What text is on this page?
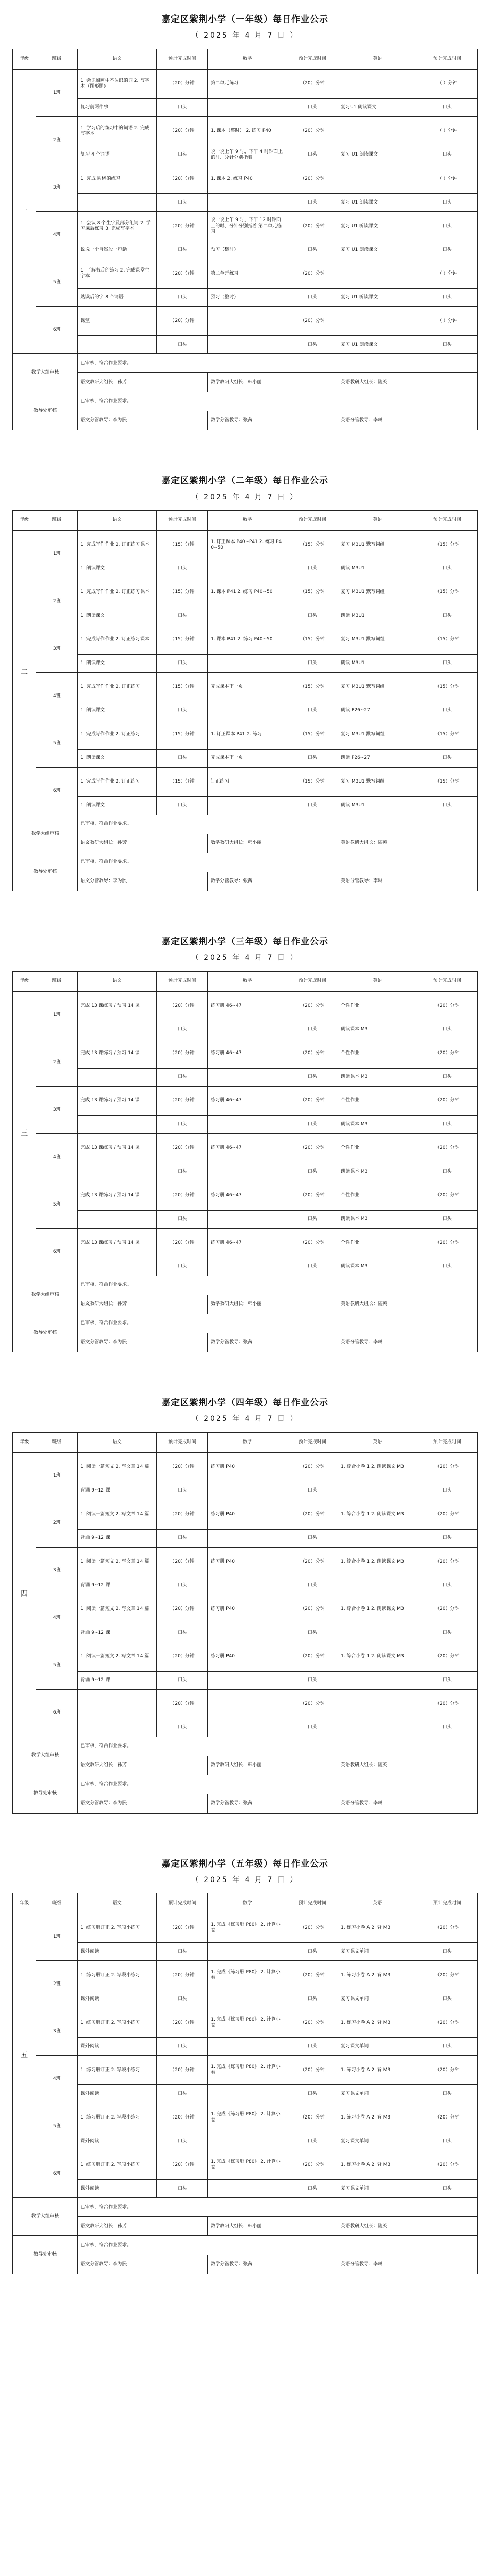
嘉定区紫荆小学（一年级）每日作业公示
（ 2025 年 4 月 7 日 ）
年级	班级	语文	预计完成时间	数学	预计完成时间	英语	预计完成时间
一	1班	1. 会识圈画中不认识的词 2. 写字本（图形题）	（20）分钟	第二单元练习	（20）分钟		（ ）分钟
		复习前两件事	口头		口头	复习U1 朗读课文	口头
	2班	1. 学习后的练习中的词语 2. 完成写字本	（20）分钟	1. 课本（整时） 2. 练习 P40	（20）分钟		（ ）分钟
		复习 4 个词语	口头	说一说上午 9 时，下午 4 时钟面上的时、分针分别指着	口头	复习 U1 朗读课文	口头
	3班	1. 完成 圆格的练习	（20）分钟	1. 课本 2. 练习 P40	（20）分钟		（ ）分钟
			口头		口头	复习 U1 朗读课文	口头
	4班	1. 会认 8 个生字及部分组词 2. 学习课后练习 3. 完成写字本	（20）分钟	说一说上午 9 时，下午 12 时钟面上的时、分针分别指着 第二单元练习	（20）分钟	复习 U1 听读课文	口头
		说说一个自然段一句话	口头	预习（整时）	口头	复习 U1 朗读课文	口头
	5班	1. 了解书后的练习 2. 完成课堂生字本	（20）分钟	第二单元练习	（20）分钟		（ ）分钟
		熟读后的字 8 个词语	口头	预习（整时）	口头	复习 U1 听读课文	口头
	6班	课堂	（20）分钟		（20）分钟		（ ）分钟
			口头		口头	复习 U1 朗读课文	口头
教学大组审核		已审核，符合作业要求。					
		语文教研大组长：孙芳		数学教研大组长：韩小丽		英语教研大组长：陆英	
教导处审核		已审核，符合作业要求。					
		语文分管教导：李为民		数学分管教导：张茜		英语分管教导：李琳	
嘉定区紫荆小学（二年级）每日作业公示
（ 2025 年 4 月 7 日 ）
年级	班级	语文	预计完成时间	数学	预计完成时间	英语	预计完成时间
二	1班	1. 完成写作作业 2. 订正练习课本	（15）分钟	1. 订正课本 P40~P41 2. 练习 P40~50	（15）分钟	复习 M3U1 默写词组	（15）分钟
		1. 朗读课文	口头		口头	朗读 M3U1	口头
	2班	1. 完成写作作业 2. 订正练习课本	（15）分钟	1. 课本 P41 2. 练习 P40~50	（15）分钟	复习 M3U1 默写词组	（15）分钟
		1. 朗读课文	口头		口头	朗读 M3U1	口头
	3班	1. 完成写作作业 2. 订正练习课本	（15）分钟	1. 课本 P41 2. 练习 P40~50	（15）分钟	复习 M3U1 默写词组	（15）分钟
		1. 朗读课文	口头		口头	朗读 M3U1	口头
	4班	1. 完成写作作业 2. 订正练习	（15）分钟	完成课本下一页	（15）分钟	复习 M3U1 默写词组	（15）分钟
		1. 朗读课文	口头		口头	朗读 P26~27	口头
	5班	1. 完成写作作业 2. 订正练习	（15）分钟	1. 订正课本 P41 2. 练习	（15）分钟	复习 M3U1 默写词组	（15）分钟
		1. 朗读课文	口头	完成课本下一页	口头	朗读 P26~27	口头
	6班	1. 完成写作作业 2. 订正练习	（15）分钟	订正练习	（15）分钟	复习 M3U1 默写词组	（15）分钟
		1. 朗读课文	口头		口头	朗读 M3U1	口头
教学大组审核		已审核，符合作业要求。					
		语文教研大组长：孙芳		数学教研大组长：韩小丽		英语教研大组长：陆英	
教导处审核		已审核，符合作业要求。					
		语文分管教导：李为民		数学分管教导：张茜		英语分管教导：李琳	
嘉定区紫荆小学（三年级）每日作业公示
（ 2025 年 4 月 7 日 ）
年级	班级	语文	预计完成时间	数学	预计完成时间	英语	预计完成时间
三	1班	完成 13 课练习 / 预习 14 课	（20）分钟	练习册 46~47	（20）分钟	个性作业	（20）分钟
			口头		口头	朗读课本 M3	口头
	2班	完成 13 课练习 / 预习 14 课	（20）分钟	练习册 46~47	（20）分钟	个性作业	（20）分钟
			口头		口头	朗读课本 M3	口头
	3班	完成 13 课练习 / 预习 14 课	（20）分钟	练习册 46~47	（20）分钟	个性作业	（20）分钟
			口头		口头	朗读课本 M3	口头
	4班	完成 13 课练习 / 预习 14 课	（20）分钟	练习册 46~47	（20）分钟	个性作业	（20）分钟
			口头		口头	朗读课本 M3	口头
	5班	完成 13 课练习 / 预习 14 课	（20）分钟	练习册 46~47	（20）分钟	个性作业	（20）分钟
			口头		口头	朗读课本 M3	口头
	6班	完成 13 课练习 / 预习 14 课	（20）分钟	练习册 46~47	（20）分钟	个性作业	（20）分钟
			口头		口头	朗读课本 M3	口头
教学大组审核		已审核，符合作业要求。					
		语文教研大组长：孙芳		数学教研大组长：韩小丽		英语教研大组长：陆英	
教导处审核		已审核，符合作业要求。					
		语文分管教导：李为民		数学分管教导：张茜		英语分管教导：李琳	
嘉定区紫荆小学（四年级）每日作业公示
（ 2025 年 4 月 7 日 ）
年级	班级	语文	预计完成时间	数学	预计完成时间	英语	预计完成时间
四	1班	1. 阅读一篇短文 2. 写文章 14 篇	（20）分钟	练习册 P40	（20）分钟	1. 综合小卷 1 2. 朗读课文 M3	（20）分钟
		背诵 9~12 课	口头		口头		口头
	2班	1. 阅读一篇短文 2. 写文章 14 篇	（20）分钟	练习册 P40	（20）分钟	1. 综合小卷 1 2. 朗读课文 M3	（20）分钟
		背诵 9~12 课	口头		口头		口头
	3班	1. 阅读一篇短文 2. 写文章 14 篇	（20）分钟	练习册 P40	（20）分钟	1. 综合小卷 1 2. 朗读课文 M3	（20）分钟
		背诵 9~12 课	口头		口头		口头
	4班	1. 阅读一篇短文 2. 写文章 14 篇	（20）分钟	练习册 P40	（20）分钟	1. 综合小卷 1 2. 朗读课文 M3	（20）分钟
		背诵 9~12 课	口头		口头		口头
	5班	1. 阅读一篇短文 2. 写文章 14 篇	（20）分钟	练习册 P40	（20）分钟	1. 综合小卷 1 2. 朗读课文 M3	（20）分钟
		背诵 9~12 课	口头		口头		口头
	6班		（20）分钟		（20）分钟		（20）分钟
			口头		口头		口头
教学大组审核		已审核，符合作业要求。					
		语文教研大组长：孙芳		数学教研大组长：韩小丽		英语教研大组长：陆英	
教导处审核		已审核，符合作业要求。					
		语文分管教导：李为民		数学分管教导：张茜		英语分管教导：李琳	
嘉定区紫荆小学（五年级）每日作业公示
（ 2025 年 4 月 7 日 ）
年级	班级	语文	预计完成时间	数学	预计完成时间	英语	预计完成时间
五	1班	1. 练习册订正 2. 写段小练习	（20）分钟	1. 完成《练习册 P80》 2. 计算小卷	（20）分钟	1. 练习小卷 A 2. 背 M3	（20）分钟
		课外阅读	口头		口头	复习课文单词	口头
	2班	1. 练习册订正 2. 写段小练习	（20）分钟	1. 完成《练习册 P80》 2. 计算小卷	（20）分钟	1. 练习小卷 A 2. 背 M3	（20）分钟
		课外阅读	口头		口头	复习课文单词	口头
	3班	1. 练习册订正 2. 写段小练习	（20）分钟	1. 完成《练习册 P80》 2. 计算小卷	（20）分钟	1. 练习小卷 A 2. 背 M3	（20）分钟
		课外阅读	口头		口头	复习课文单词	口头
	4班	1. 练习册订正 2. 写段小练习	（20）分钟	1. 完成《练习册 P80》 2. 计算小卷	（20）分钟	1. 练习小卷 A 2. 背 M3	（20）分钟
		课外阅读	口头		口头	复习课文单词	口头
	5班	1. 练习册订正 2. 写段小练习	（20）分钟	1. 完成《练习册 P80》 2. 计算小卷	（20）分钟	1. 练习小卷 A 2. 背 M3	（20）分钟
		课外阅读	口头		口头	复习课文单词	口头
	6班	1. 练习册订正 2. 写段小练习	（20）分钟	1. 完成《练习册 P80》 2. 计算小卷	（20）分钟	1. 练习小卷 A 2. 背 M3	（20）分钟
		课外阅读	口头		口头	复习课文单词	口头
教学大组审核		已审核，符合作业要求。					
		语文教研大组长：孙芳		数学教研大组长：韩小丽		英语教研大组长：陆英	
教导处审核		已审核，符合作业要求。					
		语文分管教导：李为民		数学分管教导：张茜		英语分管教导：李琳	
